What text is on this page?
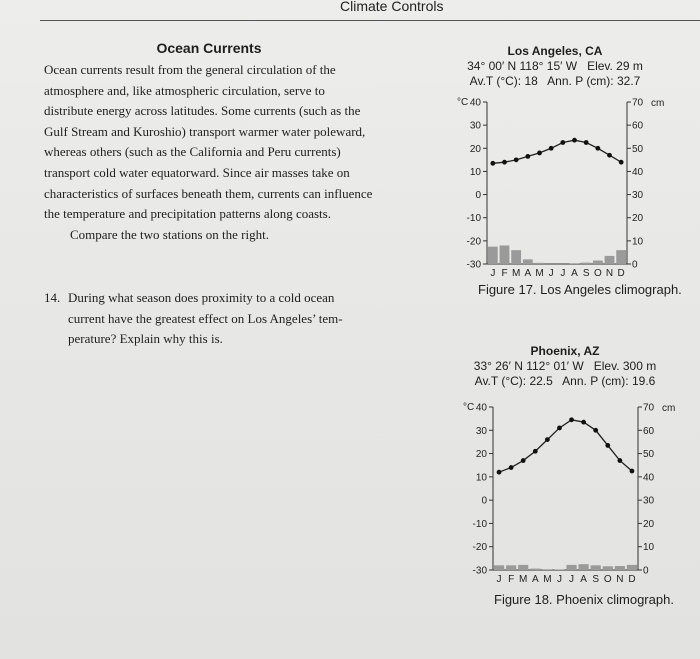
Climate Controls
Ocean Currents

Ocean currents result from the general circulation of the atmosphere and, like atmospheric circulation, serve to distribute energy across latitudes. Some currents (such as the Gulf Stream and Kuroshio) transport warmer water poleward, whereas others (such as the California and Peru currents) transport cold water equatorward. Since air masses take on characteristics of surfaces beneath them, currents can influence the temperature and precipitation patterns along coasts.

Compare the two stations on the right.

14. During what season does proximity to a cold ocean
current have the greatest effect on Los Angeles’ tem-
perature? Explain why this is.
Los Angeles, CA
34° 00′ N 118° 15′ W Elev. 29 m
Av.T (°C): 18 Ann. P (cm): 32.7
40
30
20
10
0
-10
-20
-30
°C	70
60
50
40
30
20
10
0
cm
J F M A M J J A S O N D
Figure 17. Los Angeles climograph.
Phoenix, AZ
33° 26′ N 112° 01′ W Elev. 300 m
Av.T (°C): 22.5 Ann. P (cm): 19.6
40
30
20
10
0
-10
-20
-30
°C	70
60
50
40
30
20
10
0
cm
J F M A M J J A S O N D
Figure 18. Phoenix climograph.
